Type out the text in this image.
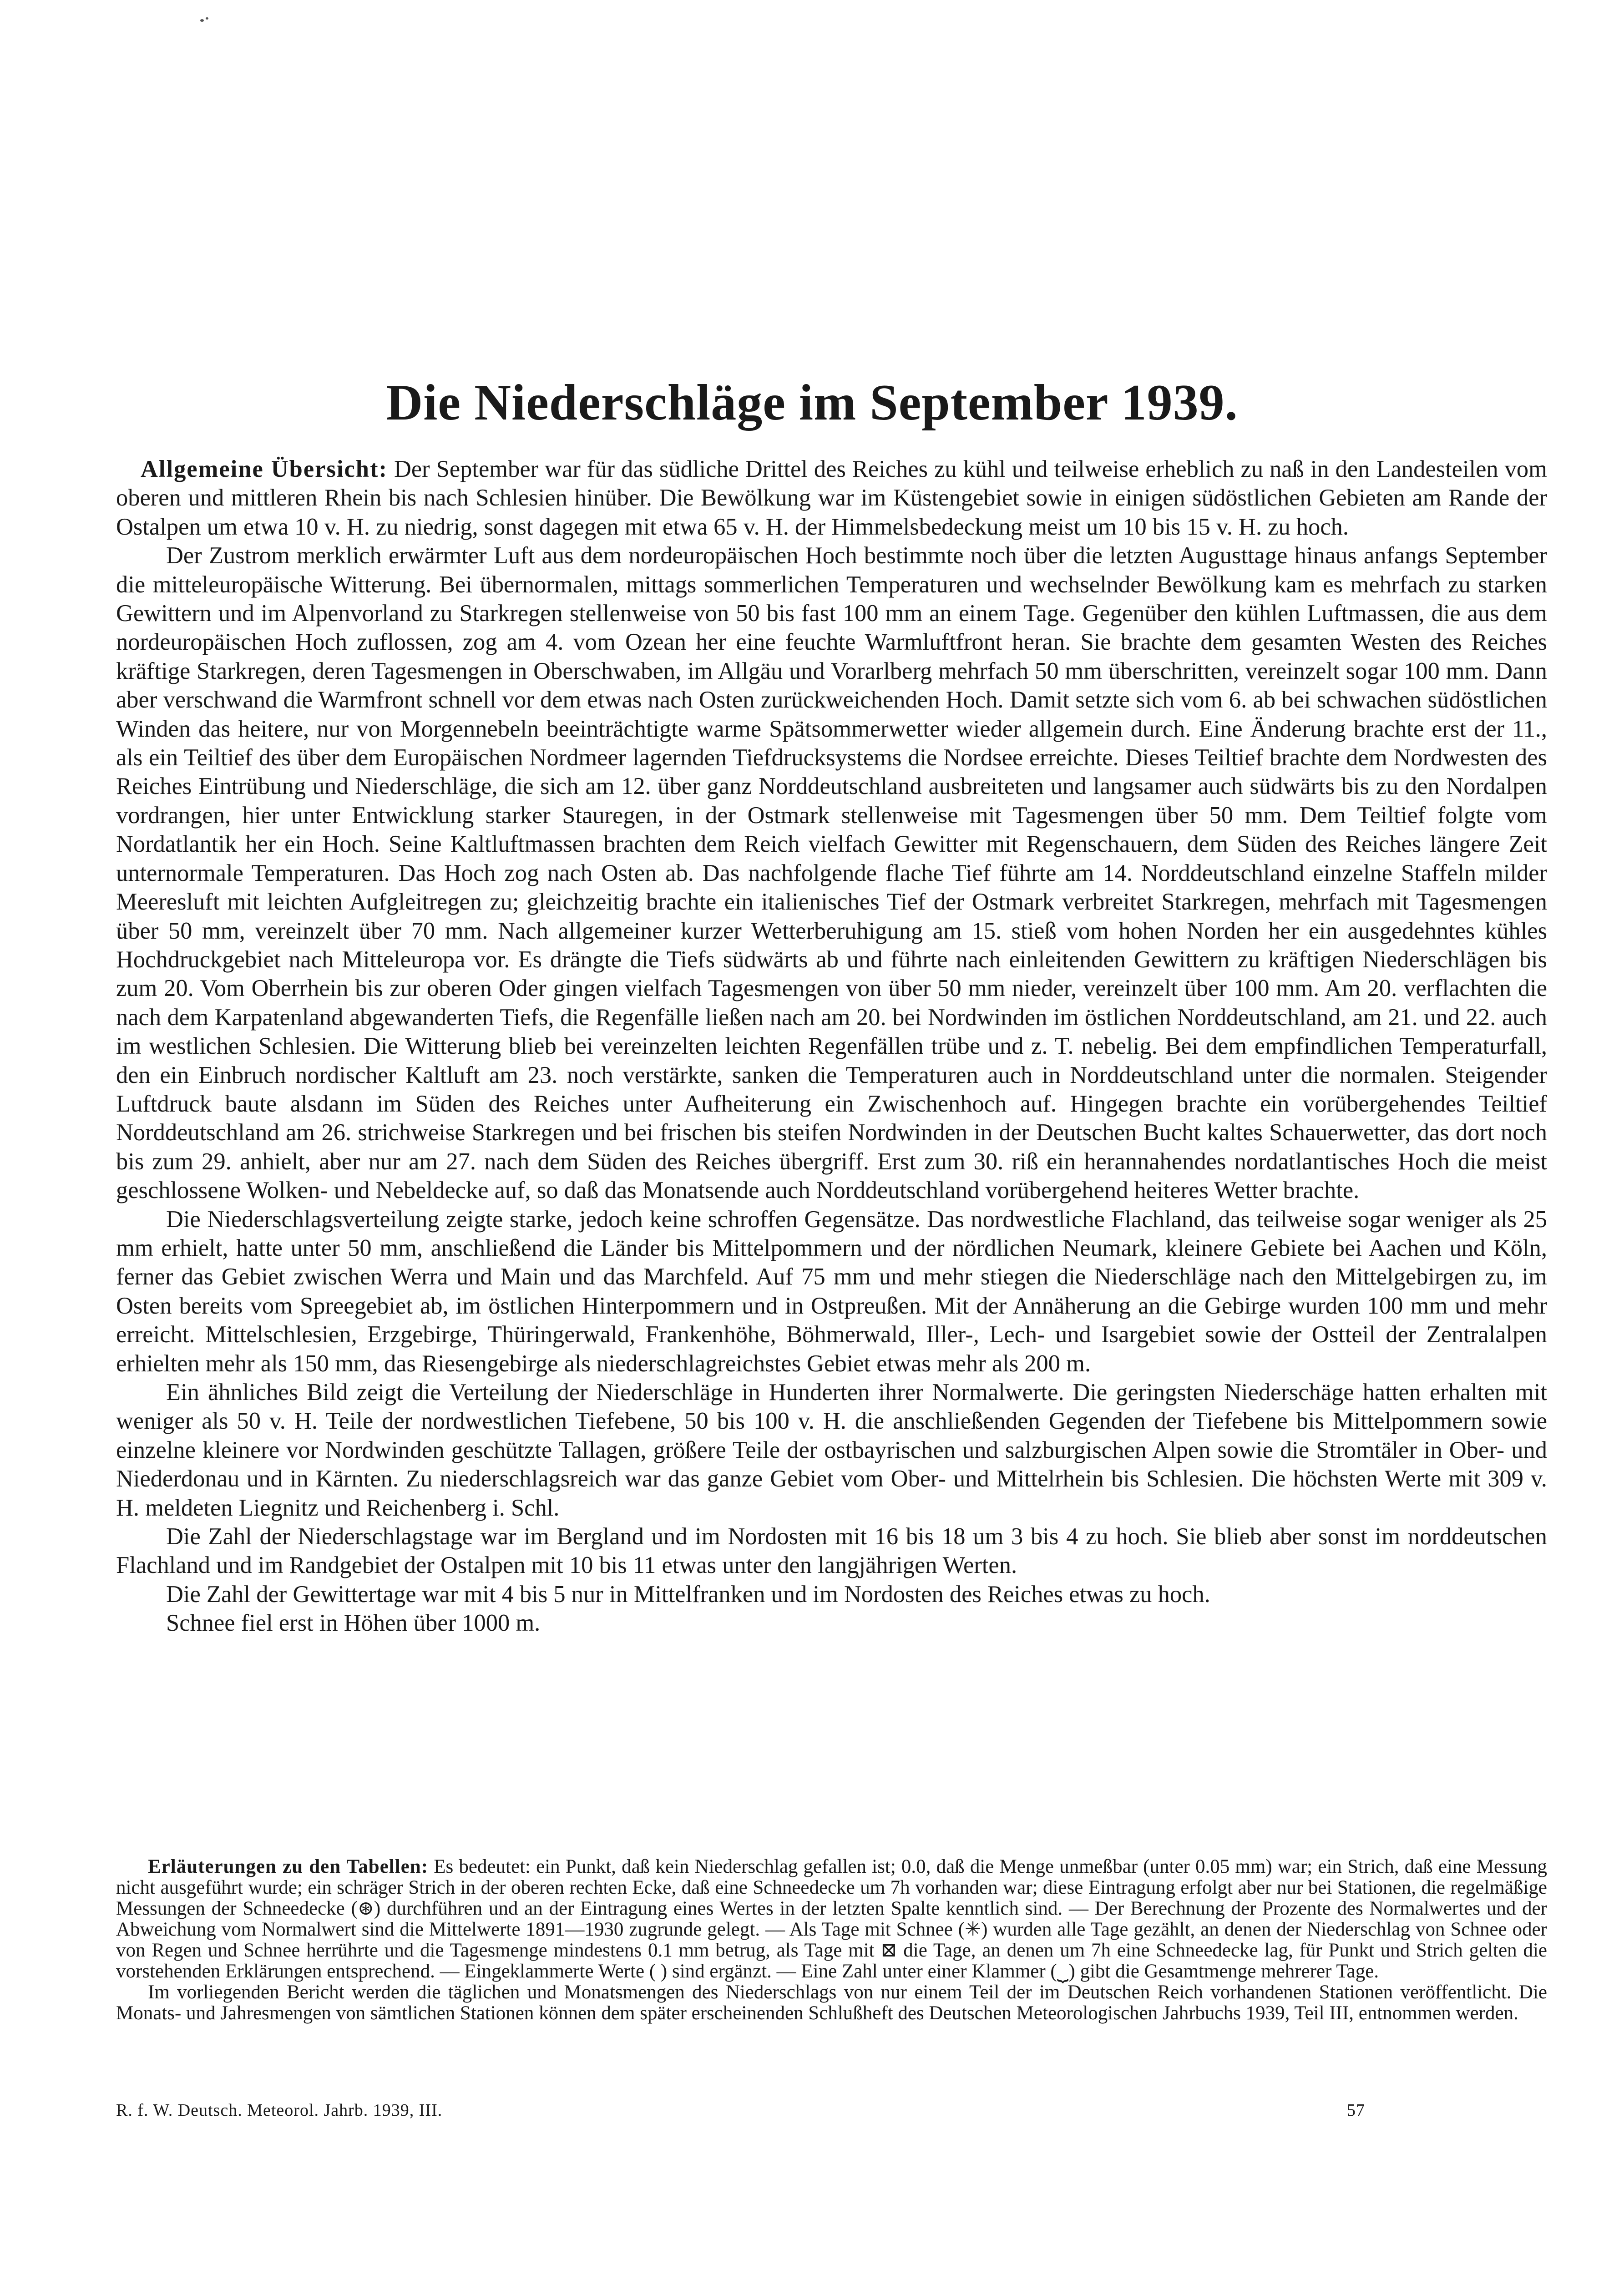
Die Niederschläge im September 1939.

Allgemeine Übersicht: Der September war für das südliche Drittel des Reiches zu kühl und teilweise erheblich zu naß in den Landesteilen vom oberen und mittleren Rhein bis nach Schlesien hinüber. Die Bewölkung war im Küstengebiet sowie in einigen südöstlichen Gebieten am Rande der Ostalpen um etwa 10 v. H. zu niedrig, sonst dagegen mit etwa 65 v. H. der Himmelsbedeckung meist um 10 bis 15 v. H. zu hoch.

Der Zustrom merklich erwärmter Luft aus dem nordeuropäischen Hoch bestimmte noch über die letzten Augusttage hinaus anfangs September die mitteleuropäische Witterung. Bei übernormalen, mittags sommerlichen Temperaturen und wechselnder Bewölkung kam es mehrfach zu starken Gewittern und im Alpenvorland zu Starkregen stellenweise von 50 bis fast 100 mm an einem Tage. Gegenüber den kühlen Luftmassen, die aus dem nordeuropäischen Hoch zuflossen, zog am 4. vom Ozean her eine feuchte Warmluftfront heran. Sie brachte dem gesamten Westen des Reiches kräftige Starkregen, deren Tagesmengen in Oberschwaben, im Allgäu und Vorarlberg mehrfach 50 mm überschritten, vereinzelt sogar 100 mm. Dann aber verschwand die Warmfront schnell vor dem etwas nach Osten zurückweichenden Hoch. Damit setzte sich vom 6. ab bei schwachen südöstlichen Winden das heitere, nur von Morgennebeln beeinträchtigte warme Spätsommerwetter wieder allgemein durch. Eine Änderung brachte erst der 11., als ein Teiltief des über dem Europäischen Nordmeer lagernden Tiefdrucksystems die Nordsee erreichte. Dieses Teiltief brachte dem Nordwesten des Reiches Eintrübung und Niederschläge, die sich am 12. über ganz Norddeutschland ausbreiteten und langsamer auch südwärts bis zu den Nordalpen vordrangen, hier unter Entwicklung starker Stauregen, in der Ostmark stellenweise mit Tagesmengen über 50 mm. Dem Teiltief folgte vom Nordatlantik her ein Hoch. Seine Kaltluftmassen brachten dem Reich vielfach Gewitter mit Regenschauern, dem Süden des Reiches längere Zeit unternormale Temperaturen. Das Hoch zog nach Osten ab. Das nachfolgende flache Tief führte am 14. Norddeutschland einzelne Staffeln milder Meeresluft mit leichten Aufgleitregen zu; gleichzeitig brachte ein italienisches Tief der Ostmark verbreitet Starkregen, mehrfach mit Tagesmengen über 50 mm, vereinzelt über 70 mm. Nach allgemeiner kurzer Wetterberuhigung am 15. stieß vom hohen Norden her ein ausgedehntes kühles Hochdruckgebiet nach Mitteleuropa vor. Es drängte die Tiefs südwärts ab und führte nach einleitenden Gewittern zu kräftigen Niederschlägen bis zum 20. Vom Oberrhein bis zur oberen Oder gingen vielfach Tagesmengen von über 50 mm nieder, vereinzelt über 100 mm. Am 20. verflachten die nach dem Karpatenland abgewanderten Tiefs, die Regenfälle ließen nach am 20. bei Nordwinden im östlichen Norddeutschland, am 21. und 22. auch im westlichen Schlesien. Die Witterung blieb bei vereinzelten leichten Regenfällen trübe und z. T. nebelig. Bei dem empfindlichen Temperaturfall, den ein Einbruch nordischer Kaltluft am 23. noch verstärkte, sanken die Temperaturen auch in Norddeutschland unter die normalen. Steigender Luftdruck baute alsdann im Süden des Reiches unter Aufheiterung ein Zwischenhoch auf. Hingegen brachte ein vorübergehendes Teiltief Norddeutschland am 26. strichweise Starkregen und bei frischen bis steifen Nordwinden in der Deutschen Bucht kaltes Schauerwetter, das dort noch bis zum 29. anhielt, aber nur am 27. nach dem Süden des Reiches übergriff. Erst zum 30. riß ein herannahendes nordatlantisches Hoch die meist geschlossene Wolken- und Nebeldecke auf, so daß das Monatsende auch Norddeutschland vorübergehend heiteres Wetter brachte.

Die Niederschlagsverteilung zeigte starke, jedoch keine schroffen Gegensätze. Das nordwestliche Flachland, das teilweise sogar weniger als 25 mm erhielt, hatte unter 50 mm, anschließend die Länder bis Mittelpommern und der nördlichen Neumark, kleinere Gebiete bei Aachen und Köln, ferner das Gebiet zwischen Werra und Main und das Marchfeld. Auf 75 mm und mehr stiegen die Niederschläge nach den Mittelgebirgen zu, im Osten bereits vom Spreegebiet ab, im östlichen Hinterpommern und in Ostpreußen. Mit der Annäherung an die Gebirge wurden 100 mm und mehr erreicht. Mittelschlesien, Erzgebirge, Thüringerwald, Frankenhöhe, Böhmerwald, Iller-, Lech- und Isargebiet sowie der Ostteil der Zentralalpen erhielten mehr als 150 mm, das Riesengebirge als niederschlagreichstes Gebiet etwas mehr als 200 m.

Ein ähnliches Bild zeigt die Verteilung der Niederschläge in Hunderten ihrer Normalwerte. Die geringsten Niederschäge hatten erhalten mit weniger als 50 v. H. Teile der nordwestlichen Tiefebene, 50 bis 100 v. H. die anschließenden Gegenden der Tiefebene bis Mittelpommern sowie einzelne kleinere vor Nordwinden geschützte Tallagen, größere Teile der ostbayrischen und salzburgischen Alpen sowie die Stromtäler in Ober- und Niederdonau und in Kärnten. Zu niederschlagsreich war das ganze Gebiet vom Ober- und Mittelrhein bis Schlesien. Die höchsten Werte mit 309 v. H. meldeten Liegnitz und Reichenberg i. Schl.

Die Zahl der Niederschlagstage war im Bergland und im Nordosten mit 16 bis 18 um 3 bis 4 zu hoch. Sie blieb aber sonst im norddeutschen Flachland und im Randgebiet der Ostalpen mit 10 bis 11 etwas unter den langjährigen Werten.

Die Zahl der Gewittertage war mit 4 bis 5 nur in Mittelfranken und im Nordosten des Reiches etwas zu hoch.

Schnee fiel erst in Höhen über 1000 m.

Erläuterungen zu den Tabellen: Es bedeutet: ein Punkt, daß kein Niederschlag gefallen ist; 0.0, daß die Menge unmeßbar (unter 0.05 mm) war; ein Strich, daß eine Messung nicht ausgeführt wurde; ein schräger Strich in der oberen rechten Ecke, daß eine Schneedecke um 7h vorhanden war; diese Eintragung erfolgt aber nur bei Stationen, die regelmäßige Messungen der Schneedecke (⊛) durchführen und an der Eintragung eines Wertes in der letzten Spalte kenntlich sind. — Der Berechnung der Prozente des Normalwertes und der Abweichung vom Normalwert sind die Mittelwerte 1891—1930 zugrunde gelegt. — Als Tage mit Schnee (✳) wurden alle Tage gezählt, an denen der Niederschlag von Schnee oder von Regen und Schnee herrührte und die Tagesmenge mindestens 0.1 mm betrug, als Tage mit ⊠ die Tage, an denen um 7h eine Schneedecke lag, für Punkt und Strich gelten die vorstehenden Erklärungen entsprechend. — Eingeklammerte Werte ( ) sind ergänzt. — Eine Zahl unter einer Klammer (⏟) gibt die Gesamtmenge mehrerer Tage.

Im vorliegenden Bericht werden die täglichen und Monatsmengen des Niederschlags von nur einem Teil der im Deutschen Reich vorhandenen Stationen veröffentlicht. Die Monats- und Jahresmengen von sämtlichen Stationen können dem später erscheinenden Schlußheft des Deutschen Meteorologischen Jahrbuchs 1939, Teil III, entnommen werden.

R. f. W. Deutsch. Meteorol. Jahrb. 1939, III.	57
